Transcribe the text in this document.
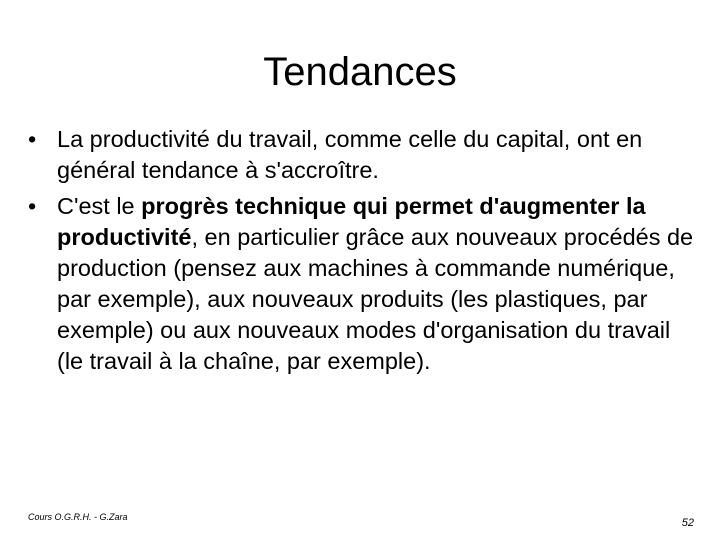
Tendances
• La productivité du travail, comme celle du capital, ont en général tendance à s'accroître.
• C'est le progrès technique qui permet d'augmenter la productivité, en particulier grâce aux nouveaux procédés de production (pensez aux machines à commande numérique, par exemple), aux nouveaux produits (les plastiques, par exemple) ou aux nouveaux modes d'organisation du travail (le travail à la chaîne, par exemple).
Cours O.G.R.H. - G.Zara	52
